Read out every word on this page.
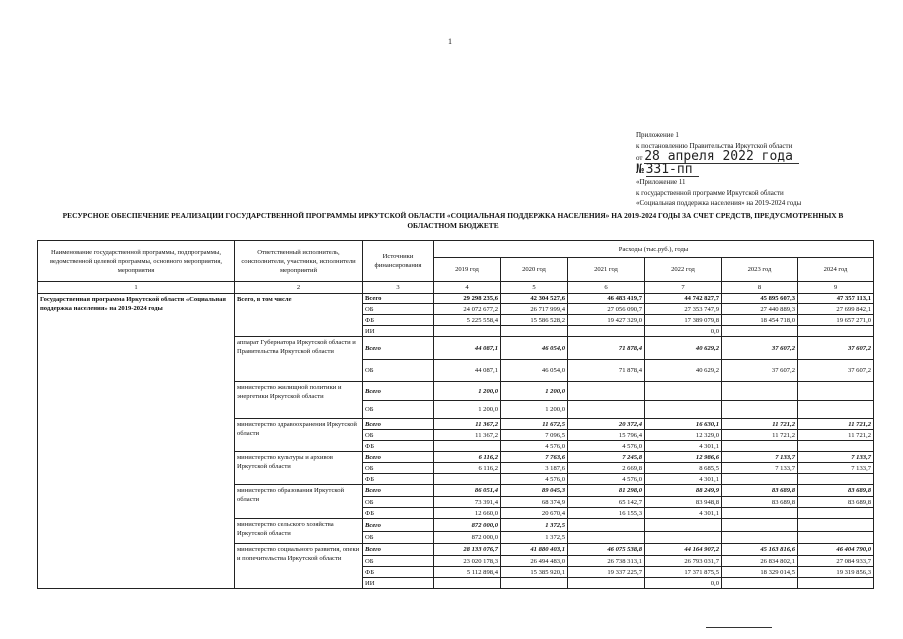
1
Приложение 1
к постановлению Правительства Иркутской области
от 28 апреля 2022 года
№ 331-пп
«Приложение 11
к государственной программе Иркутской области
«Социальная поддержка населения» на 2019-2024 годы
РЕСУРСНОЕ ОБЕСПЕЧЕНИЕ РЕАЛИЗАЦИИ ГОСУДАРСТВЕННОЙ ПРОГРАММЫ ИРКУТСКОЙ ОБЛАСТИ «СОЦИАЛЬНАЯ ПОДДЕРЖКА НАСЕЛЕНИЯ» НА 2019-2024 ГОДЫ ЗА СЧЕТ СРЕДСТВ, ПРЕДУСМОТРЕННЫХ В ОБЛАСТНОМ БЮДЖЕТЕ
Наименование государственной программы, подпрограммы, ведомственной целевой программы, основного мероприятия, мероприятия	Ответственный исполнитель, соисполнители, участники, исполнители мероприятий	Источники финансирования	Расходы (тыс.руб.), годы					
			2019 год	2020 год	2021 год	2022 год	2023 год	2024 год
1	2	3	4	5	6	7	8	9
Государственная программа Иркутской области «Социальная поддержка населения» на 2019-2024 годы	Всего, в том числе	Всего	29 298 235,6	42 304 527,6	46 483 419,7	44 742 827,7	45 895 607,3	47 357 113,1
		ОБ	24 072 677,2	26 717 999,4	27 056 090,7	27 353 747,9	27 440 889,3	27 699 842,1
		ФБ	5 225 558,4	15 586 528,2	19 427 329,0	17 389 079,8	18 454 718,0	19 657 271,0
		ИИ				0,0		
	аппарат Губернатора Иркутской области и Правительства Иркутской области	Всего	44 087,1	46 054,0	71 878,4	40 629,2	37 607,2	37 607,2
		ОБ	44 087,1	46 054,0	71 878,4	40 629,2	37 607,2	37 607,2
	министерство жилищной политики и энергетики Иркутской области	Всего	1 200,0	1 200,0				
		ОБ	1 200,0	1 200,0				
	министерство здравоохранения Иркутской области	Всего	11 367,2	11 672,5	20 372,4	16 630,1	11 721,2	11 721,2
		ОБ	11 367,2	7 096,5	15 796,4	12 329,0	11 721,2	11 721,2
		ФБ		4 576,0	4 576,0	4 301,1		
	министерство культуры и архивов Иркутской области	Всего	6 116,2	7 763,6	7 245,8	12 986,6	7 133,7	7 133,7
		ОБ	6 116,2	3 187,6	2 669,8	8 685,5	7 133,7	7 133,7
		ФБ		4 576,0	4 576,0	4 301,1		
	министерство образования Иркутской области	Всего	86 051,4	89 045,3	81 298,0	88 249,9	83 689,8	83 689,8
		ОБ	73 391,4	68 374,9	65 142,7	83 948,8	83 689,8	83 689,8
		ФБ	12 660,0	20 670,4	16 155,3	4 301,1		
	министерство сельского хозяйства Иркутской области	Всего	872 000,0	1 372,5				
		ОБ	872 000,0	1 372,5				
	министерство социального развития, опеки и попечительства Иркутской области	Всего	28 133 076,7	41 880 403,1	46 075 538,8	44 164 907,2	45 163 816,6	46 404 790,0
		ОБ	23 020 178,3	26 494 483,0	26 738 313,1	26 793 031,7	26 834 802,1	27 084 933,7
		ФБ	5 112 898,4	15 385 920,1	19 337 225,7	17 371 875,5	18 329 014,5	19 319 856,3
		ИИ				0,0		
